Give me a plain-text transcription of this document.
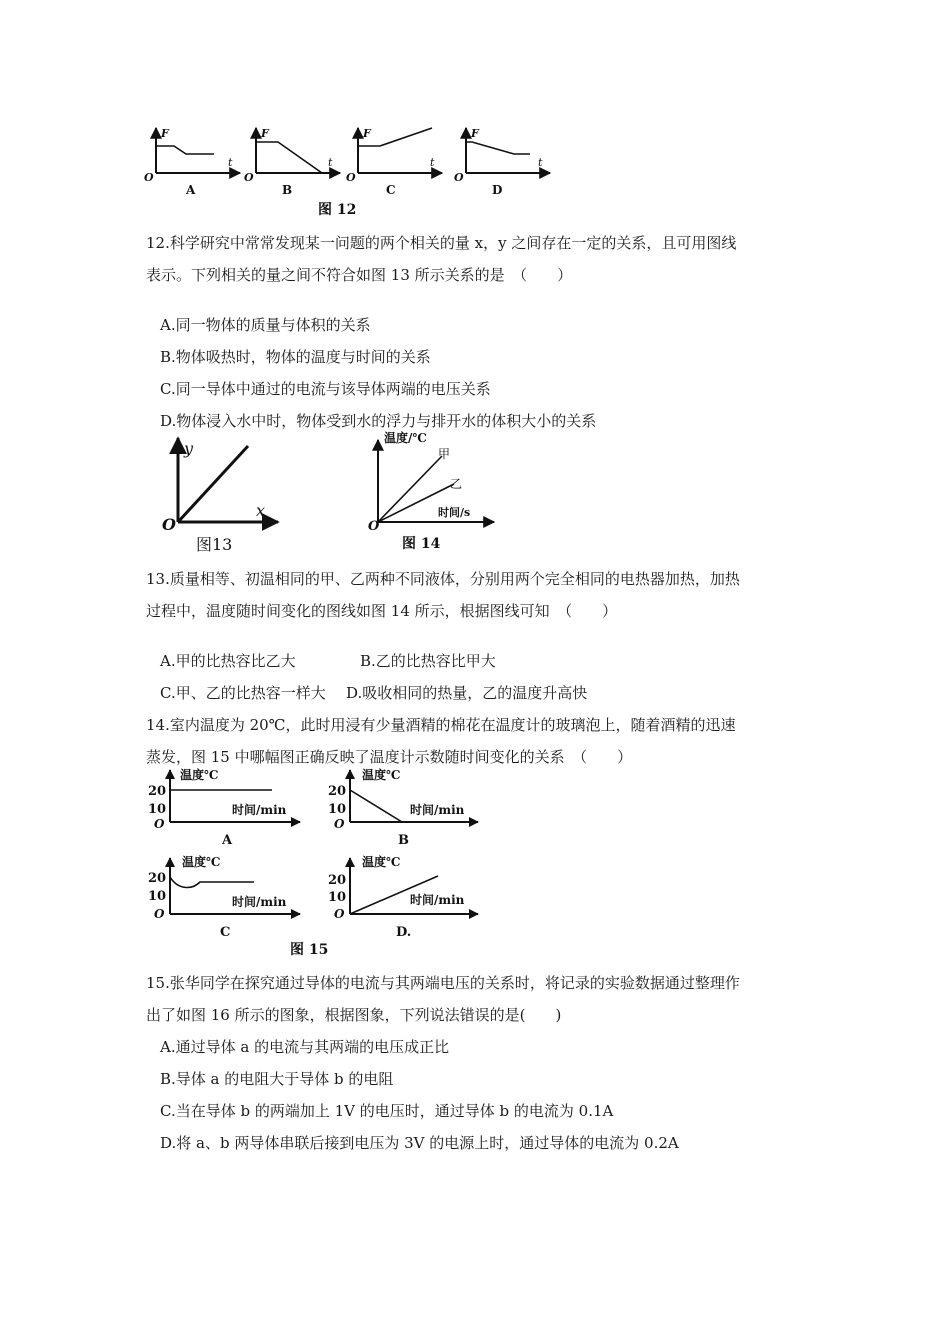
F
t
O
A
F
t
O
B
F
t
O
C
F
t
O
D
图 12
12.科学研究中常常发现某一问题的两个相关的量 x，y 之间存在一定的关系，且可用图线
表示。下列相关的量之间不符合如图 13 所示关系的是　（　　）
A.同一物体的质量与体积的关系
B.物体吸热时，物体的温度与时间的关系
C.同一导体中通过的电流与该导体两端的电压关系
D.物体浸入水中时，物体受到水的浮力与排开水的体积大小的关系
y
x
O
图13
温度/℃
甲
乙
时间/s
O
图 14
13.质量相等、初温相同的甲、乙两种不同液体，分别用两个完全相同的电热器加热，加热
过程中，温度随时间变化的图线如图 14 所示，根据图线可知　（　　）
A.甲的比热容比乙大	B.乙的比热容比甲大
C.甲、乙的比热容一样大 D.吸收相同的热量，乙的温度升高快
14.室内温度为 20℃，此时用浸有少量酒精的棉花在温度计的玻璃泡上，随着酒精的迅速
蒸发，图 15 中哪幅图正确反映了温度计示数随时间变化的关系　（　　）
温度℃
20
10
O
时间/min
A
温度℃
20
10
O
时间/min
B
温度℃
20
10
O
时间/min
C
温度℃
20
10
O
时间/min
D.
图 15
15.张华同学在探究通过导体的电流与其两端电压的关系时，将记录的实验数据通过整理作
出了如图 16 所示的图象，根据图象，下列说法错误的是(　　)
A.通过导体 a 的电流与其两端的电压成正比
B.导体 a 的电阻大于导体 b 的电阻
C.当在导体 b 的两端加上 1V 的电压时，通过导体 b 的电流为 0.1A
D.将 a、b 两导体串联后接到电压为 3V 的电源上时，通过导体的电流为 0.2A
